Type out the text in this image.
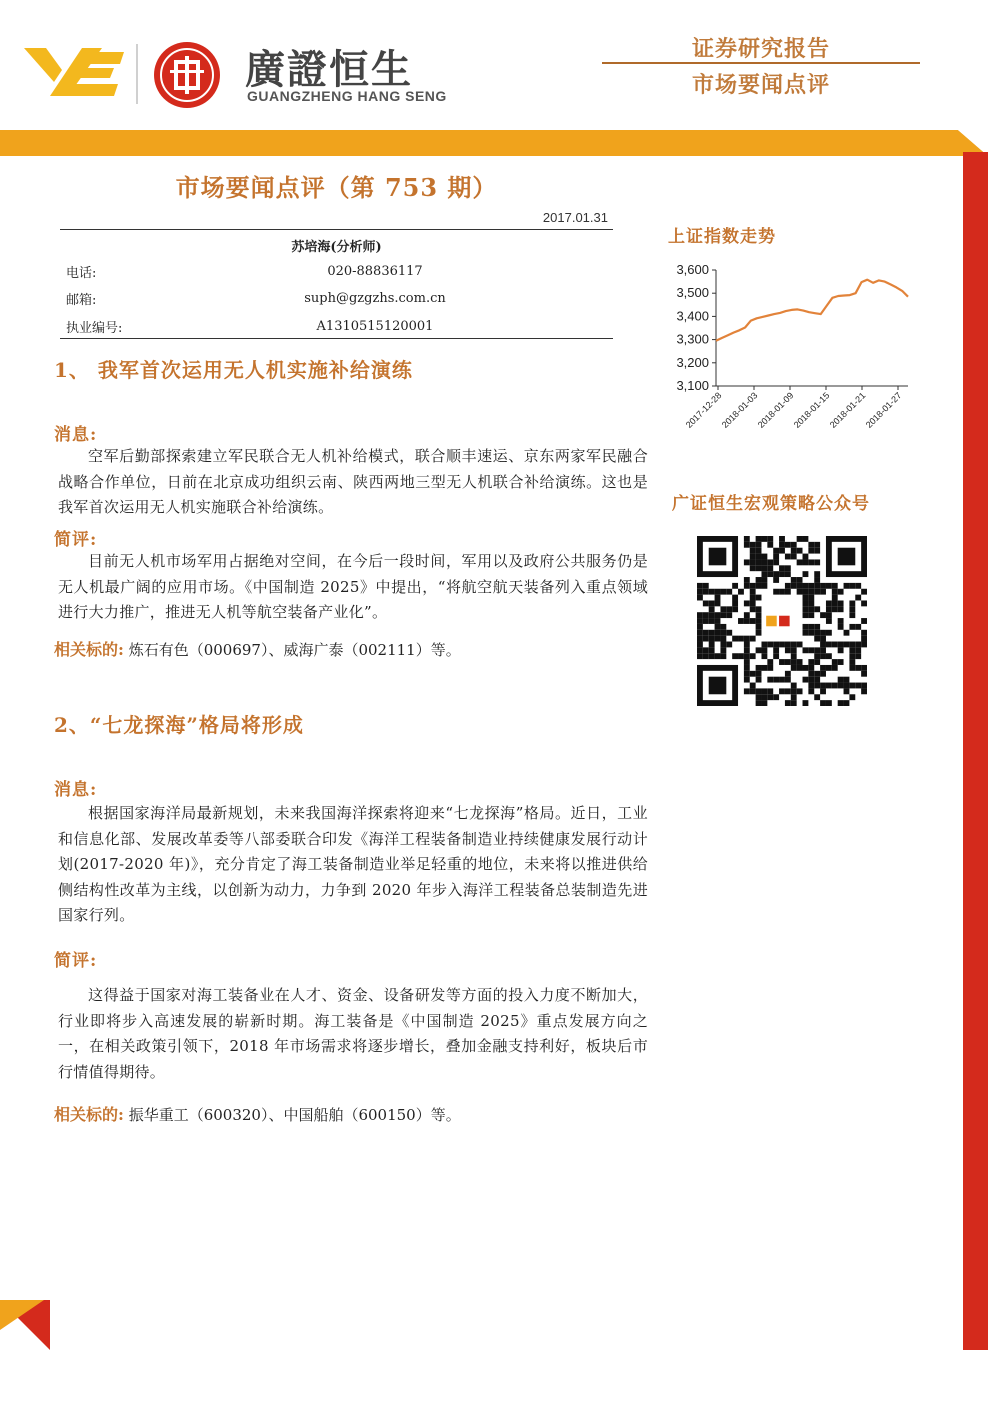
廣證恒生
GUANGZHENG HANG SENG
证券研究报告
市场要闻点评
市场要闻点评（第 753 期）
2017.01.31
苏培海(分析师)
电话:	020-88836117
邮箱:	suph@gzgzhs.com.cn
执业编号:	A1310515120001
1、 我军首次运用无人机实施补给演练
消息:
空军后勤部探索建立军民联合无人机补给模式，联合顺丰速运、京东两家军民融合战略合作单位，日前在北京成功组织云南、陕西两地三型无人机联合补给演练。这也是我军首次运用无人机实施联合补给演练。
简评:
目前无人机市场军用占据绝对空间，在今后一段时间，军用以及政府公共服务仍是无人机最广阔的应用市场。《中国制造 2025》中提出，“将航空航天装备列入重点领域进行大力推广，推进无人机等航空装备产业化”。
相关标的: 炼石有色（000697）、威海广泰（002111）等。
2、“七龙探海”格局将形成
消息:
根据国家海洋局最新规划，未来我国海洋探索将迎来“七龙探海”格局。近日，工业和信息化部、发展改革委等八部委联合印发《海洋工程装备制造业持续健康发展行动计划(2017-2020 年)》，充分肯定了海工装备制造业举足轻重的地位，未来将以推进供给侧结构性改革为主线，以创新为动力，力争到 2020 年步入海洋工程装备总装制造先进国家行列。
简评:
这得益于国家对海工装备业在人才、资金、设备研发等方面的投入力度不断加大，行业即将步入高速发展的崭新时期。海工装备是《中国制造 2025》重点发展方向之一，在相关政策引领下，2018 年市场需求将逐步增长，叠加金融支持利好，板块后市行情值得期待。
相关标的: 振华重工（600320）、中国船舶（600150）等。
上证指数走势
3,100
3,200
3,300
3,400
3,500
3,600
2017-12-28
2018-01-03
2018-01-09
2018-01-15
2018-01-21
2018-01-27
广证恒生宏观策略公众号
